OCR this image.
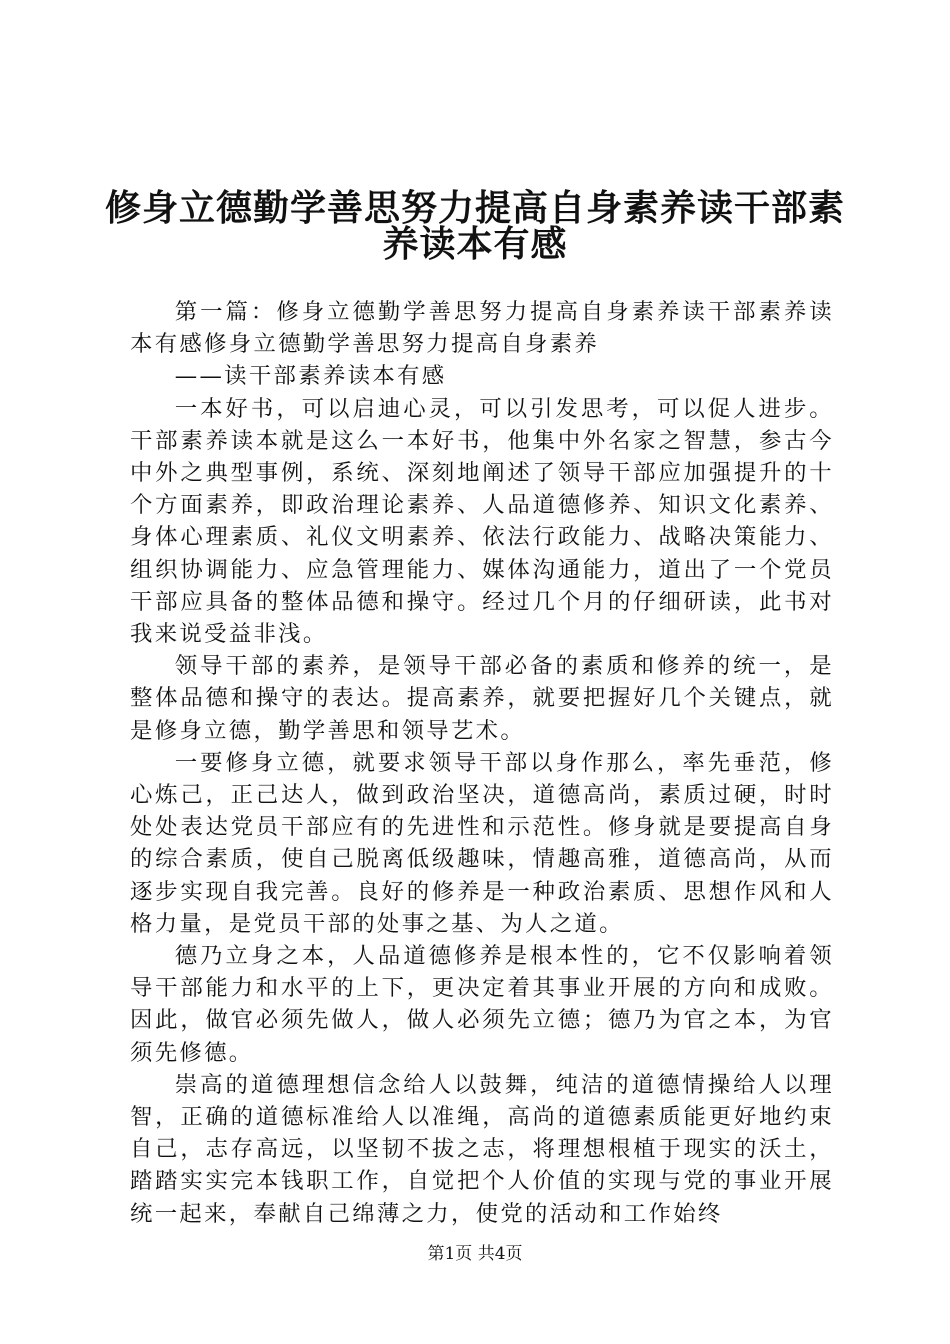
修身立德勤学善思努力提高自身素养读干部素
养读本有感

第一篇：修身立德勤学善思努力提高自身素养读干部素养读本有感修身立德勤学善思努力提高自身素养

——读干部素养读本有感

一本好书，可以启迪心灵，可以引发思考，可以促人进步。干部素养读本就是这么一本好书，他集中外名家之智慧，参古今中外之典型事例，系统、深刻地阐述了领导干部应加强提升的十个方面素养，即政治理论素养、人品道德修养、知识文化素养、身体心理素质、礼仪文明素养、依法行政能力、战略决策能力、组织协调能力、应急管理能力、媒体沟通能力，道出了一个党员干部应具备的整体品德和操守。经过几个月的仔细研读，此书对我来说受益非浅。

领导干部的素养，是领导干部必备的素质和修养的统一，是整体品德和操守的表达。提高素养，就要把握好几个关键点，就是修身立德，勤学善思和领导艺术。

一要修身立德，就要求领导干部以身作那么，率先垂范，修心炼己，正己达人，做到政治坚决，道德高尚，素质过硬，时时处处表达党员干部应有的先进性和示范性。修身就是要提高自身的综合素质，使自己脱离低级趣味，情趣高雅，道德高尚，从而逐步实现自我完善。良好的修养是一种政治素质、思想作风和人格力量，是党员干部的处事之基、为人之道。

德乃立身之本，人品道德修养是根本性的，它不仅影响着领导干部能力和水平的上下，更决定着其事业开展的方向和成败。因此，做官必须先做人，做人必须先立德；德乃为官之本，为官须先修德。

崇高的道德理想信念给人以鼓舞，纯洁的道德情操给人以理智，正确的道德标准给人以准绳，高尚的道德素质能更好地约束自己，志存高远，以坚韧不拔之志，将理想根植于现实的沃土，踏踏实实完本钱职工作，自觉把个人价值的实现与党的事业开展统一起来，奉献自己绵薄之力，使党的活动和工作始终

第1页 共4页
